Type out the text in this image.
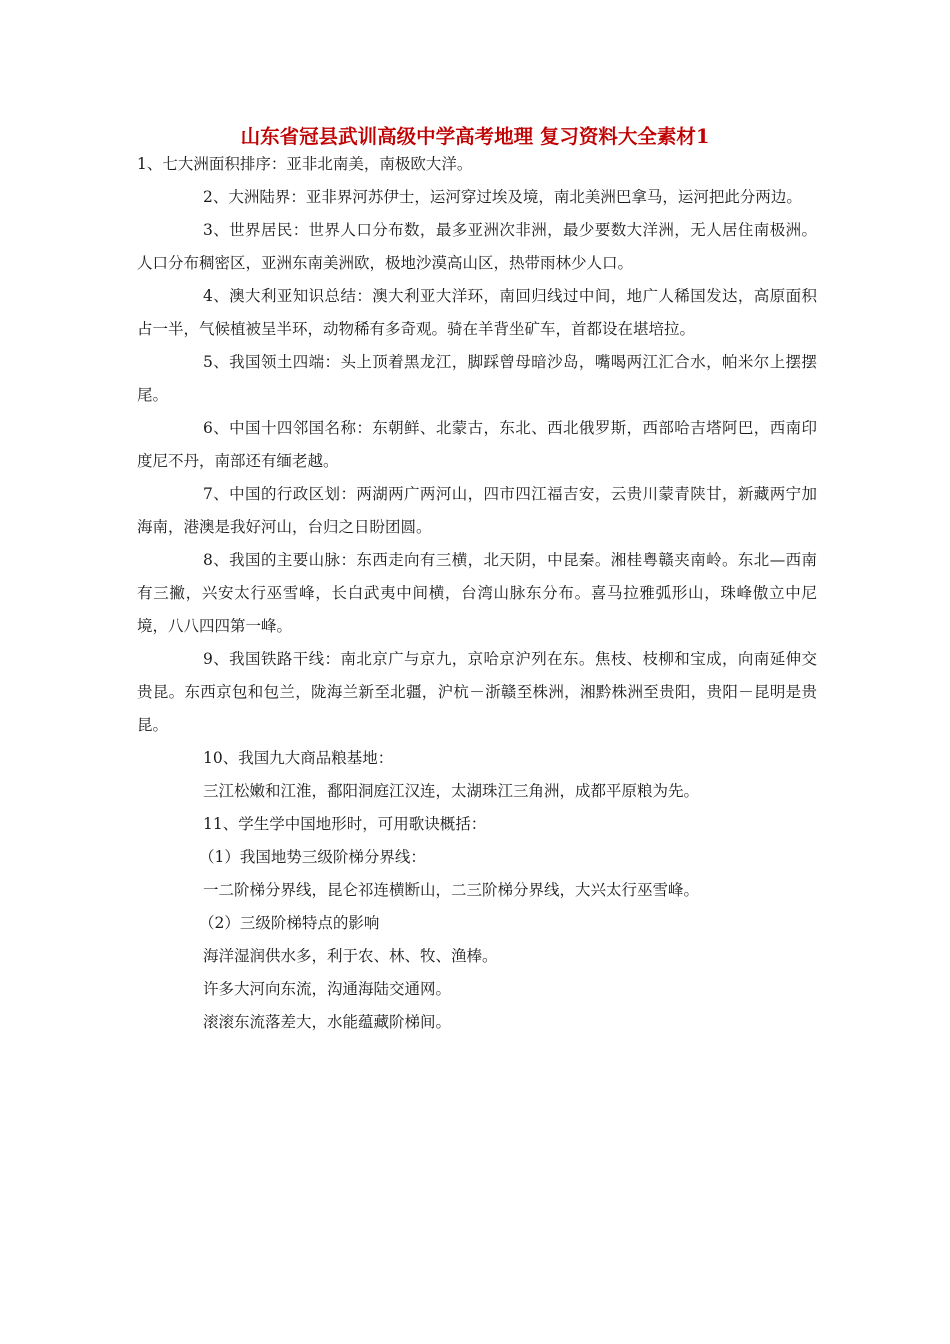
山东省冠县武训高级中学高考地理 复习资料大全素材1

1、七大洲面积排序：亚非北南美，南极欧大洋。

2、大洲陆界：亚非界河苏伊士，运河穿过埃及境，南北美洲巴拿马，运河把此分两边。

3、世界居民：世界人口分布数，最多亚洲次非洲，最少要数大洋洲，无人居住南极洲。人口分布稠密区，亚洲东南美洲欧，极地沙漠高山区，热带雨林少人口。

4、澳大利亚知识总结：澳大利亚大洋环，南回归线过中间，地广人稀国发达，高原面积占一半，气候植被呈半环，动物稀有多奇观。骑在羊背坐矿车，首都设在堪培拉。

5、我国领土四端：头上顶着黑龙江，脚踩曾母暗沙岛，嘴喝两江汇合水，帕米尔上摆摆尾。

6、中国十四邻国名称：东朝鲜、北蒙古，东北、西北俄罗斯，西部哈吉塔阿巴，西南印度尼不丹，南部还有缅老越。

7、中国的行政区划：两湖两广两河山，四市四江福吉安，云贵川蒙青陕甘，新藏两宁加海南，港澳是我好河山，台归之日盼团圆。

8、我国的主要山脉：东西走向有三横，北天阴，中昆秦。湘桂粤赣夹南岭。东北—西南有三撇，兴安太行巫雪峰，长白武夷中间横，台湾山脉东分布。喜马拉雅弧形山，珠峰傲立中尼境，八八四四第一峰。

9、我国铁路干线：南北京广与京九，京哈京沪列在东。焦枝、枝柳和宝成，向南延伸交贵昆。东西京包和包兰，陇海兰新至北疆，沪杭－浙赣至株洲，湘黔株洲至贵阳，贵阳－昆明是贵昆。

10、我国九大商品粮基地：

三江松嫩和江淮，鄱阳洞庭江汉连，太湖珠江三角洲，成都平原粮为先。

11、学生学中国地形时，可用歌诀概括：

（1）我国地势三级阶梯分界线：

一二阶梯分界线，昆仑祁连横断山，二三阶梯分界线，大兴太行巫雪峰。

（2）三级阶梯特点的影响

海洋湿润供水多，利于农、林、牧、渔棒。

许多大河向东流，沟通海陆交通网。

滚滚东流落差大，水能蕴藏阶梯间。
